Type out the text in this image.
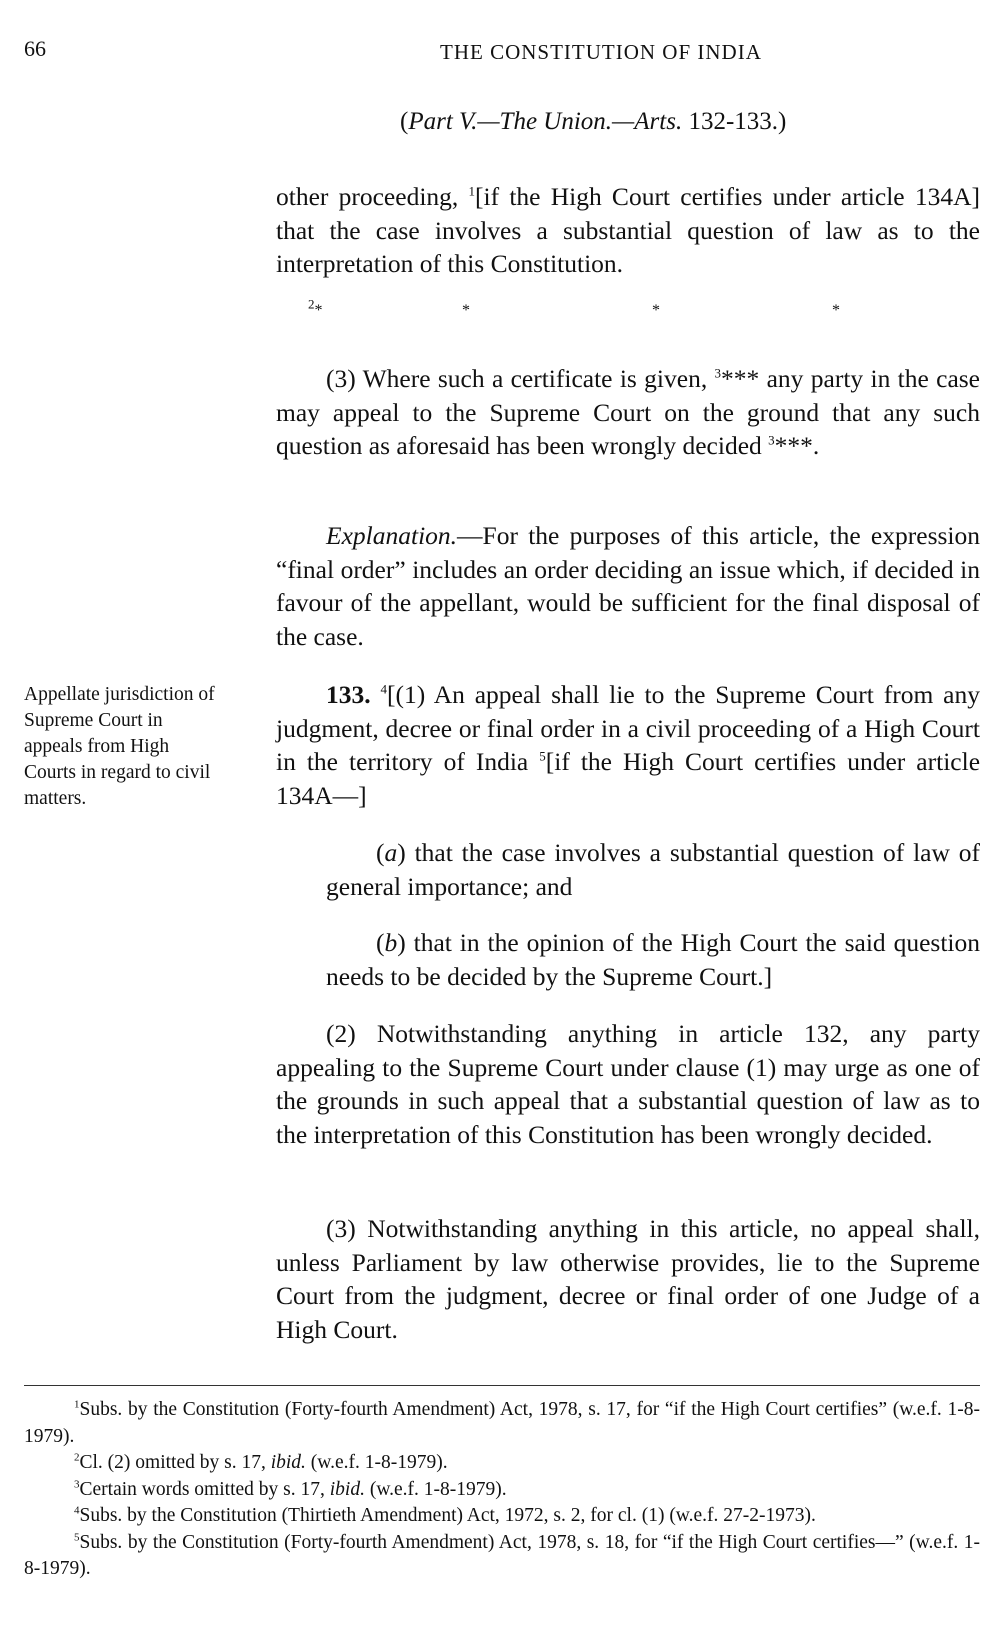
66	THE CONSTITUTION OF INDIA
(Part V.—The Union.—Arts. 132-133.)

other proceeding, $^1$[if the High Court certifies under article 134A] that the case involves a substantial question of law as to the interpretation of this Constitution.

$^2$*	*	*	*

(3) Where such a certificate is given, $^3$*** any party in the case may appeal to the Supreme Court on the ground that any such question as aforesaid has been wrongly decided $^3$***.

Explanation.—For the purposes of this article, the expression “final order” includes an order deciding an issue which, if decided in favour of the appellant, would be sufficient for the final disposal of the case.

Appellate jurisdiction of Supreme Court in appeals from High Courts in regard to civil matters.

133. $^4$[(1) An appeal shall lie to the Supreme Court from any judgment, decree or final order in a civil proceeding of a High Court in the territory of India $^5$[if the High Court certifies under article 134A—]

(a) that the case involves a substantial question of law of general importance; and

(b) that in the opinion of the High Court the said question needs to be decided by the Supreme Court.]

(2) Notwithstanding anything in article 132, any party appealing to the Supreme Court under clause (1) may urge as one of the grounds in such appeal that a substantial question of law as to the interpretation of this Constitution has been wrongly decided.

(3) Notwithstanding anything in this article, no appeal shall, unless Parliament by law otherwise provides, lie to the Supreme Court from the judgment, decree or final order of one Judge of a High Court.

$^1$Subs. by the Constitution (Forty-fourth Amendment) Act, 1978, s. 17, for “if the High Court certifies” (w.e.f. 1-8-1979).

$^2$Cl. (2) omitted by s. 17, ibid. (w.e.f. 1-8-1979).

$^3$Certain words omitted by s. 17, ibid. (w.e.f. 1-8-1979).

$^4$Subs. by the Constitution (Thirtieth Amendment) Act, 1972, s. 2, for cl. (1) (w.e.f. 27-2-1973).

$^5$Subs. by the Constitution (Forty-fourth Amendment) Act, 1978, s. 18, for “if the High Court certifies—” (w.e.f. 1-8-1979).
